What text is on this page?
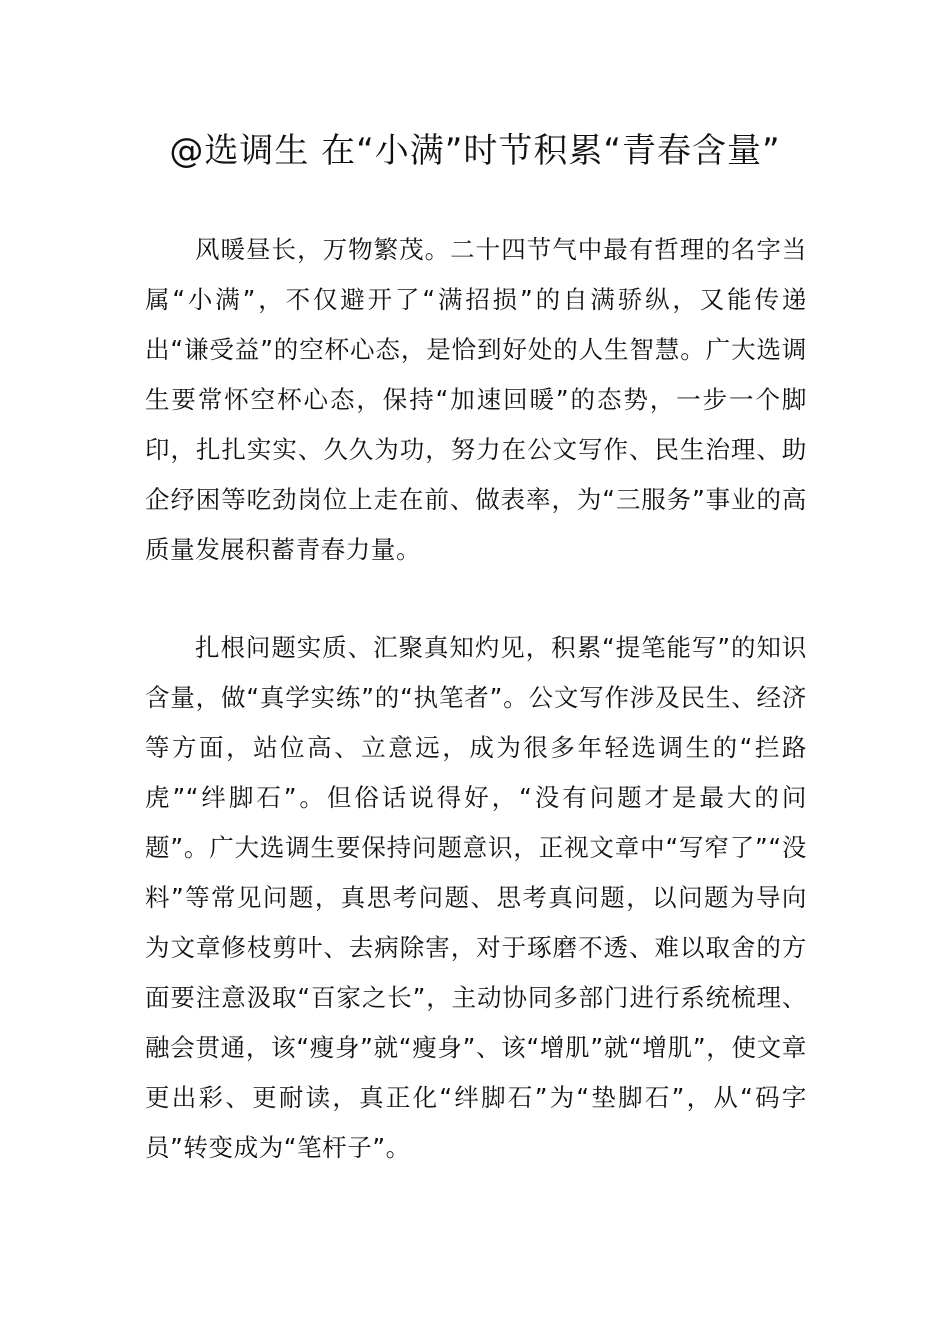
@选调生 在“小满”时节积累“青春含量”

风暖昼长，万物繁茂。二十四节气中最有哲理的名字当属“小满”，不仅避开了“满招损”的自满骄纵，又能传递出“谦受益”的空杯心态，是恰到好处的人生智慧。广大选调生要常怀空杯心态，保持“加速回暖”的态势，一步一个脚印，扎扎实实、久久为功，努力在公文写作、民生治理、助企纾困等吃劲岗位上走在前、做表率，为“三服务”事业的高质量发展积蓄青春力量。

扎根问题实质、汇聚真知灼见，积累“提笔能写”的知识含量，做“真学实练”的“执笔者”。公文写作涉及民生、经济等方面，站位高、立意远，成为很多年轻选调生的“拦路虎”“绊脚石”。但俗话说得好，“没有问题才是最大的问题”。广大选调生要保持问题意识，正视文章中“写窄了”“没料”等常见问题，真思考问题、思考真问题，以问题为导向为文章修枝剪叶、去病除害，对于琢磨不透、难以取舍的方面要注意汲取“百家之长”，主动协同多部门进行系统梳理、融会贯通，该“瘦身”就“瘦身”、该“增肌”就“增肌”，使文章更出彩、更耐读，真正化“绊脚石”为“垫脚石”，从“码字员”转变成为“笔杆子”。
